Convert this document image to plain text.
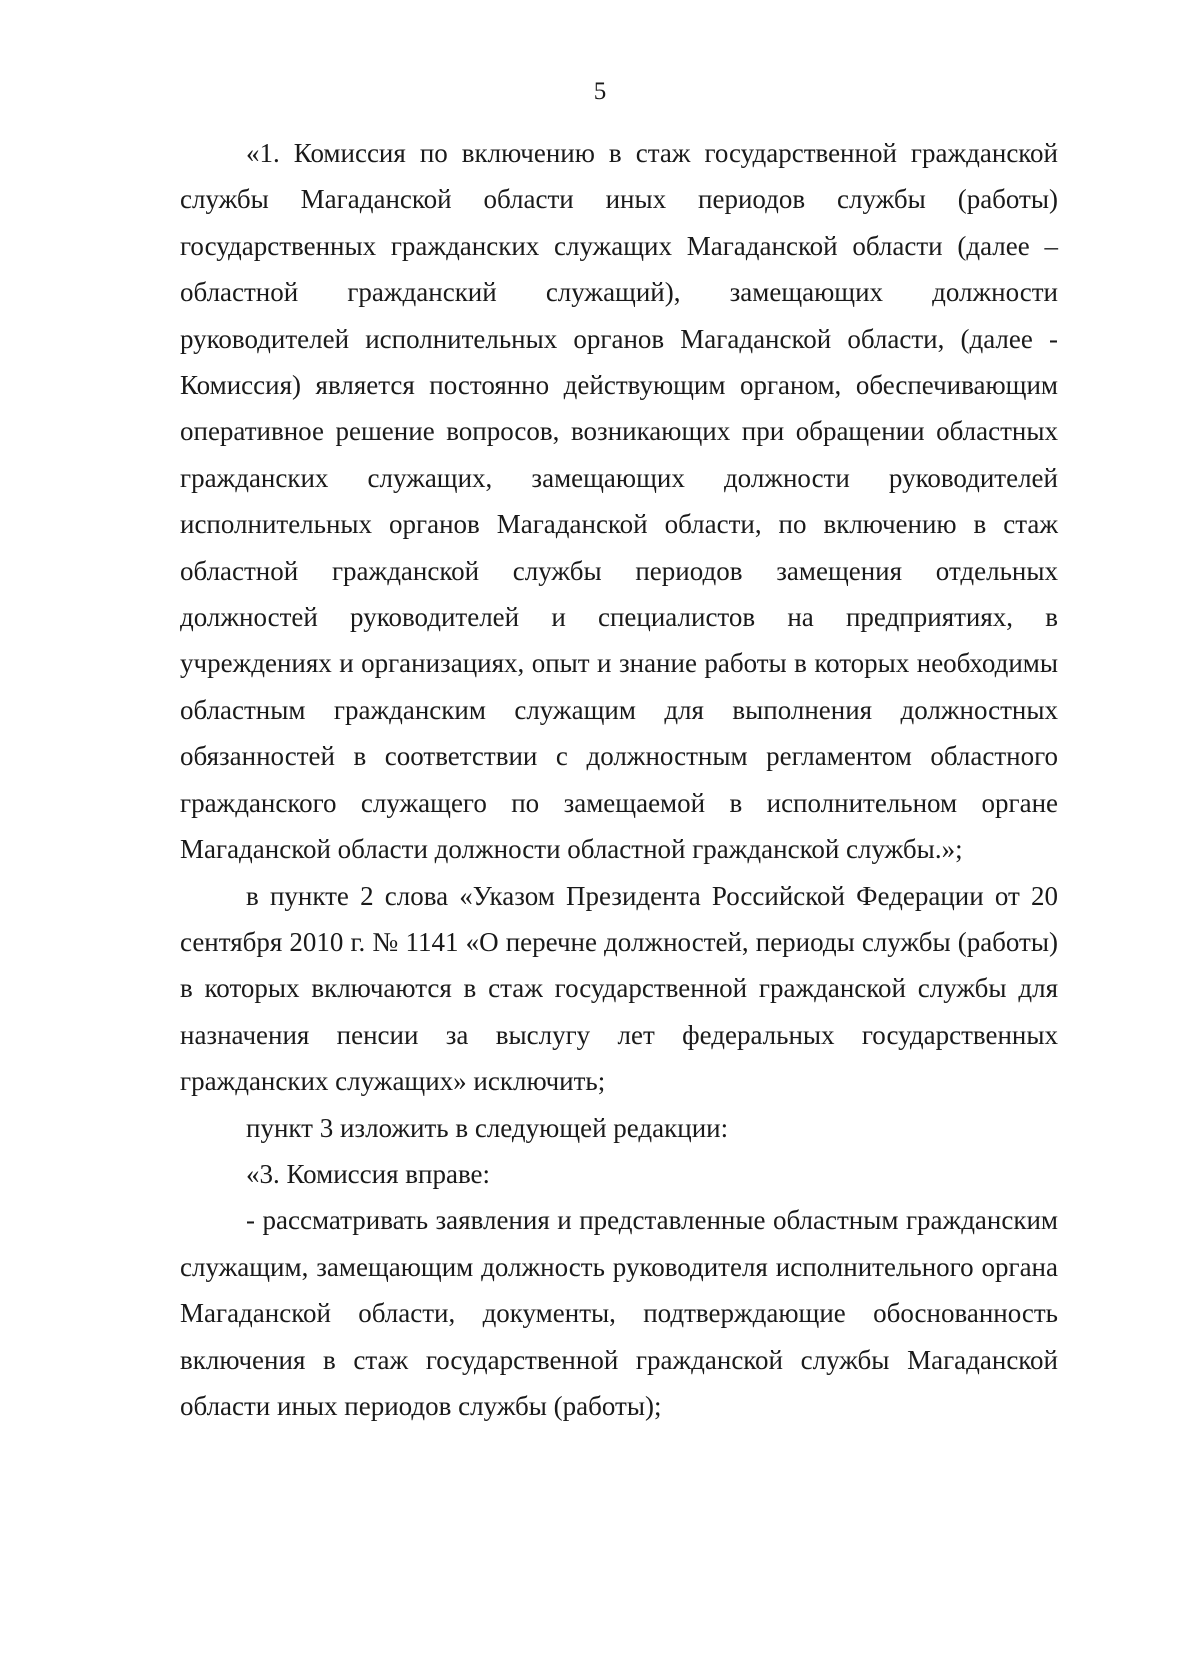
5

«1. Комиссия по включению в стаж государственной гражданской службы Магаданской области иных периодов службы (работы) государственных гражданских служащих Магаданской области (далее – областной гражданский служащий), замещающих должности руководителей исполнительных органов Магаданской области, (далее - Комиссия) является постоянно действующим органом, обеспечивающим оперативное решение вопросов, возникающих при обращении областных гражданских служащих, замещающих должности руководителей исполнительных органов Магаданской области, по включению в стаж областной гражданской службы периодов замещения отдельных должностей руководителей и специалистов на предприятиях, в учреждениях и организациях, опыт и знание работы в которых необходимы областным гражданским служащим для выполнения должностных обязанностей в соответствии с должностным регламентом областного гражданского служащего по замещаемой в исполнительном органе Магаданской области должности областной гражданской службы.»;

в пункте 2 слова «Указом Президента Российской Федерации от 20 сентября 2010 г. № 1141 «О перечне должностей, периоды службы (работы) в которых включаются в стаж государственной гражданской службы для назначения пенсии за выслугу лет федеральных государственных гражданских служащих» исключить;

пункт 3 изложить в следующей редакции:

«3. Комиссия вправе:

- рассматривать заявления и представленные областным гражданским служащим, замещающим должность руководителя исполнительного органа Магаданской области, документы, подтверждающие обоснованность включения в стаж государственной гражданской службы Магаданской области иных периодов службы (работы);
